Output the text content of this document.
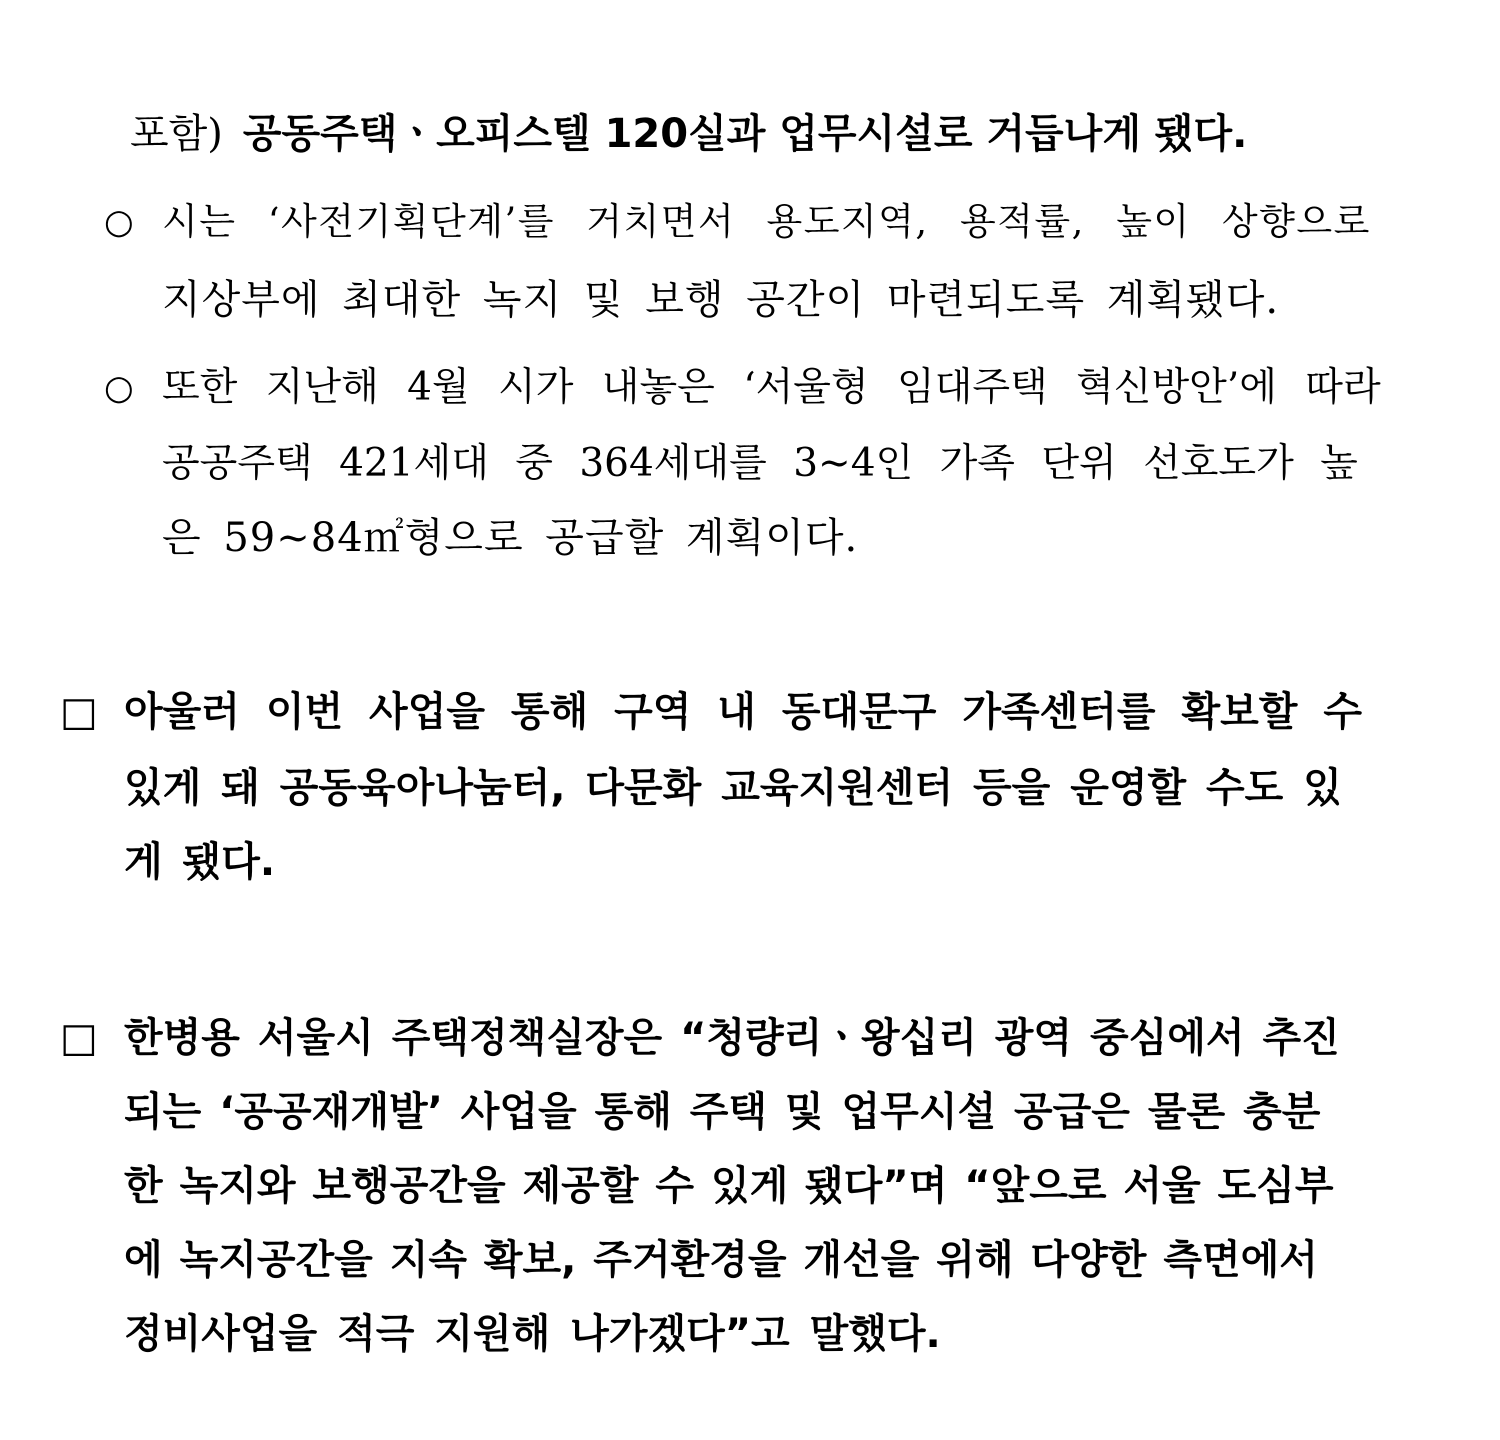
포함) 공동주택ㆍ오피스텔 120실과 업무시설로 거듭나게 됐다.
○ 시는 ‘사전기획단계’를 거치면서 용도지역, 용적률, 높이 상향으로
지상부에 최대한 녹지 및 보행 공간이 마련되도록 계획됐다.
○ 또한 지난해 4월 시가 내놓은 ‘서울형 임대주택 혁신방안’에 따라
공공주택 421세대 중 364세대를 3~4인 가족 단위 선호도가 높
은 59~84㎡형으로 공급할 계획이다.
□ 아울러 이번 사업을 통해 구역 내 동대문구 가족센터를 확보할 수
있게 돼 공동육아나눔터, 다문화 교육지원센터 등을 운영할 수도 있
게 됐다.
□ 한병용 서울시 주택정책실장은 “청량리ㆍ왕십리 광역 중심에서 추진
되는 ‘공공재개발’ 사업을 통해 주택 및 업무시설 공급은 물론 충분
한 녹지와 보행공간을 제공할 수 있게 됐다”며 “앞으로 서울 도심부
에 녹지공간을 지속 확보, 주거환경을 개선을 위해 다양한 측면에서
정비사업을 적극 지원해 나가겠다”고 말했다.
